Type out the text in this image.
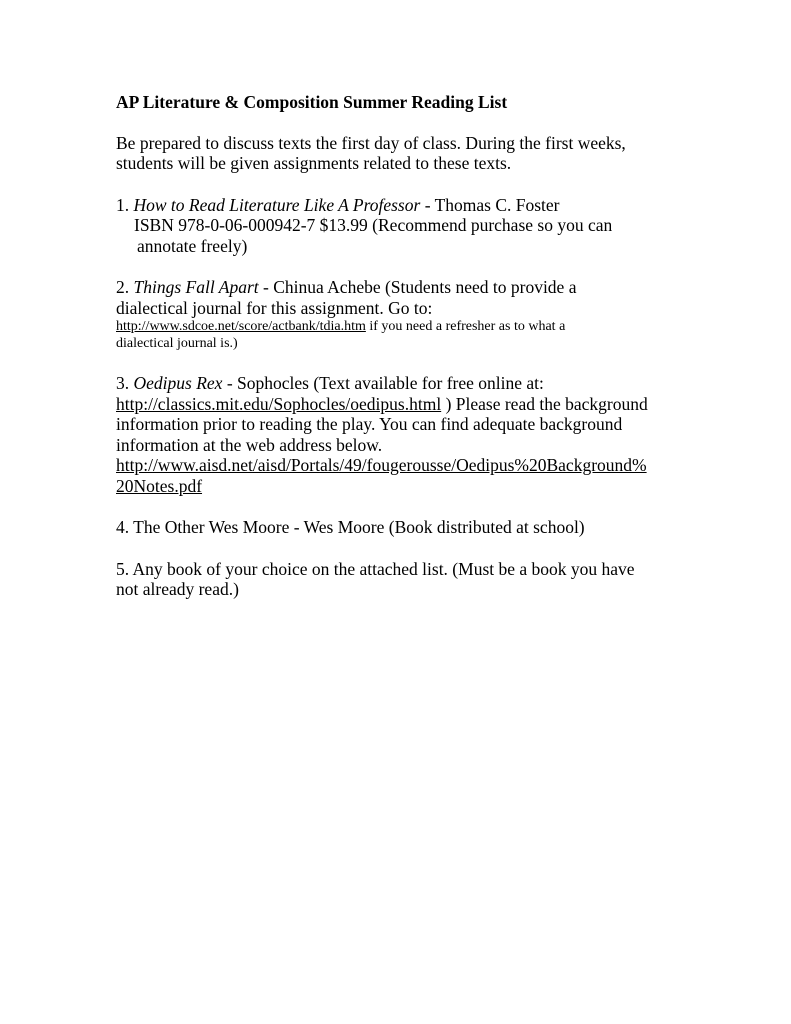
AP Literature & Composition Summer Reading List
Be prepared to discuss texts the first day of class. During the first weeks,
students will be given assignments related to these texts.
1. How to Read Literature Like A Professor - Thomas C. Foster
ISBN 978-0-06-000942-7 $13.99 (Recommend purchase so you can
annotate freely)
2. Things Fall Apart - Chinua Achebe (Students need to provide a
dialectical journal for this assignment. Go to:
http://www.sdcoe.net/score/actbank/tdia.htm if you need a refresher as to what a
dialectical journal is.)
3. Oedipus Rex - Sophocles (Text available for free online at:
http://classics.mit.edu/Sophocles/oedipus.html ) Please read the background
information prior to reading the play. You can find adequate background
information at the web address below.
http://www.aisd.net/aisd/Portals/49/fougerousse/Oedipus%20Background%
20Notes.pdf
4. The Other Wes Moore - Wes Moore (Book distributed at school)
5. Any book of your choice on the attached list. (Must be a book you have
not already read.)
